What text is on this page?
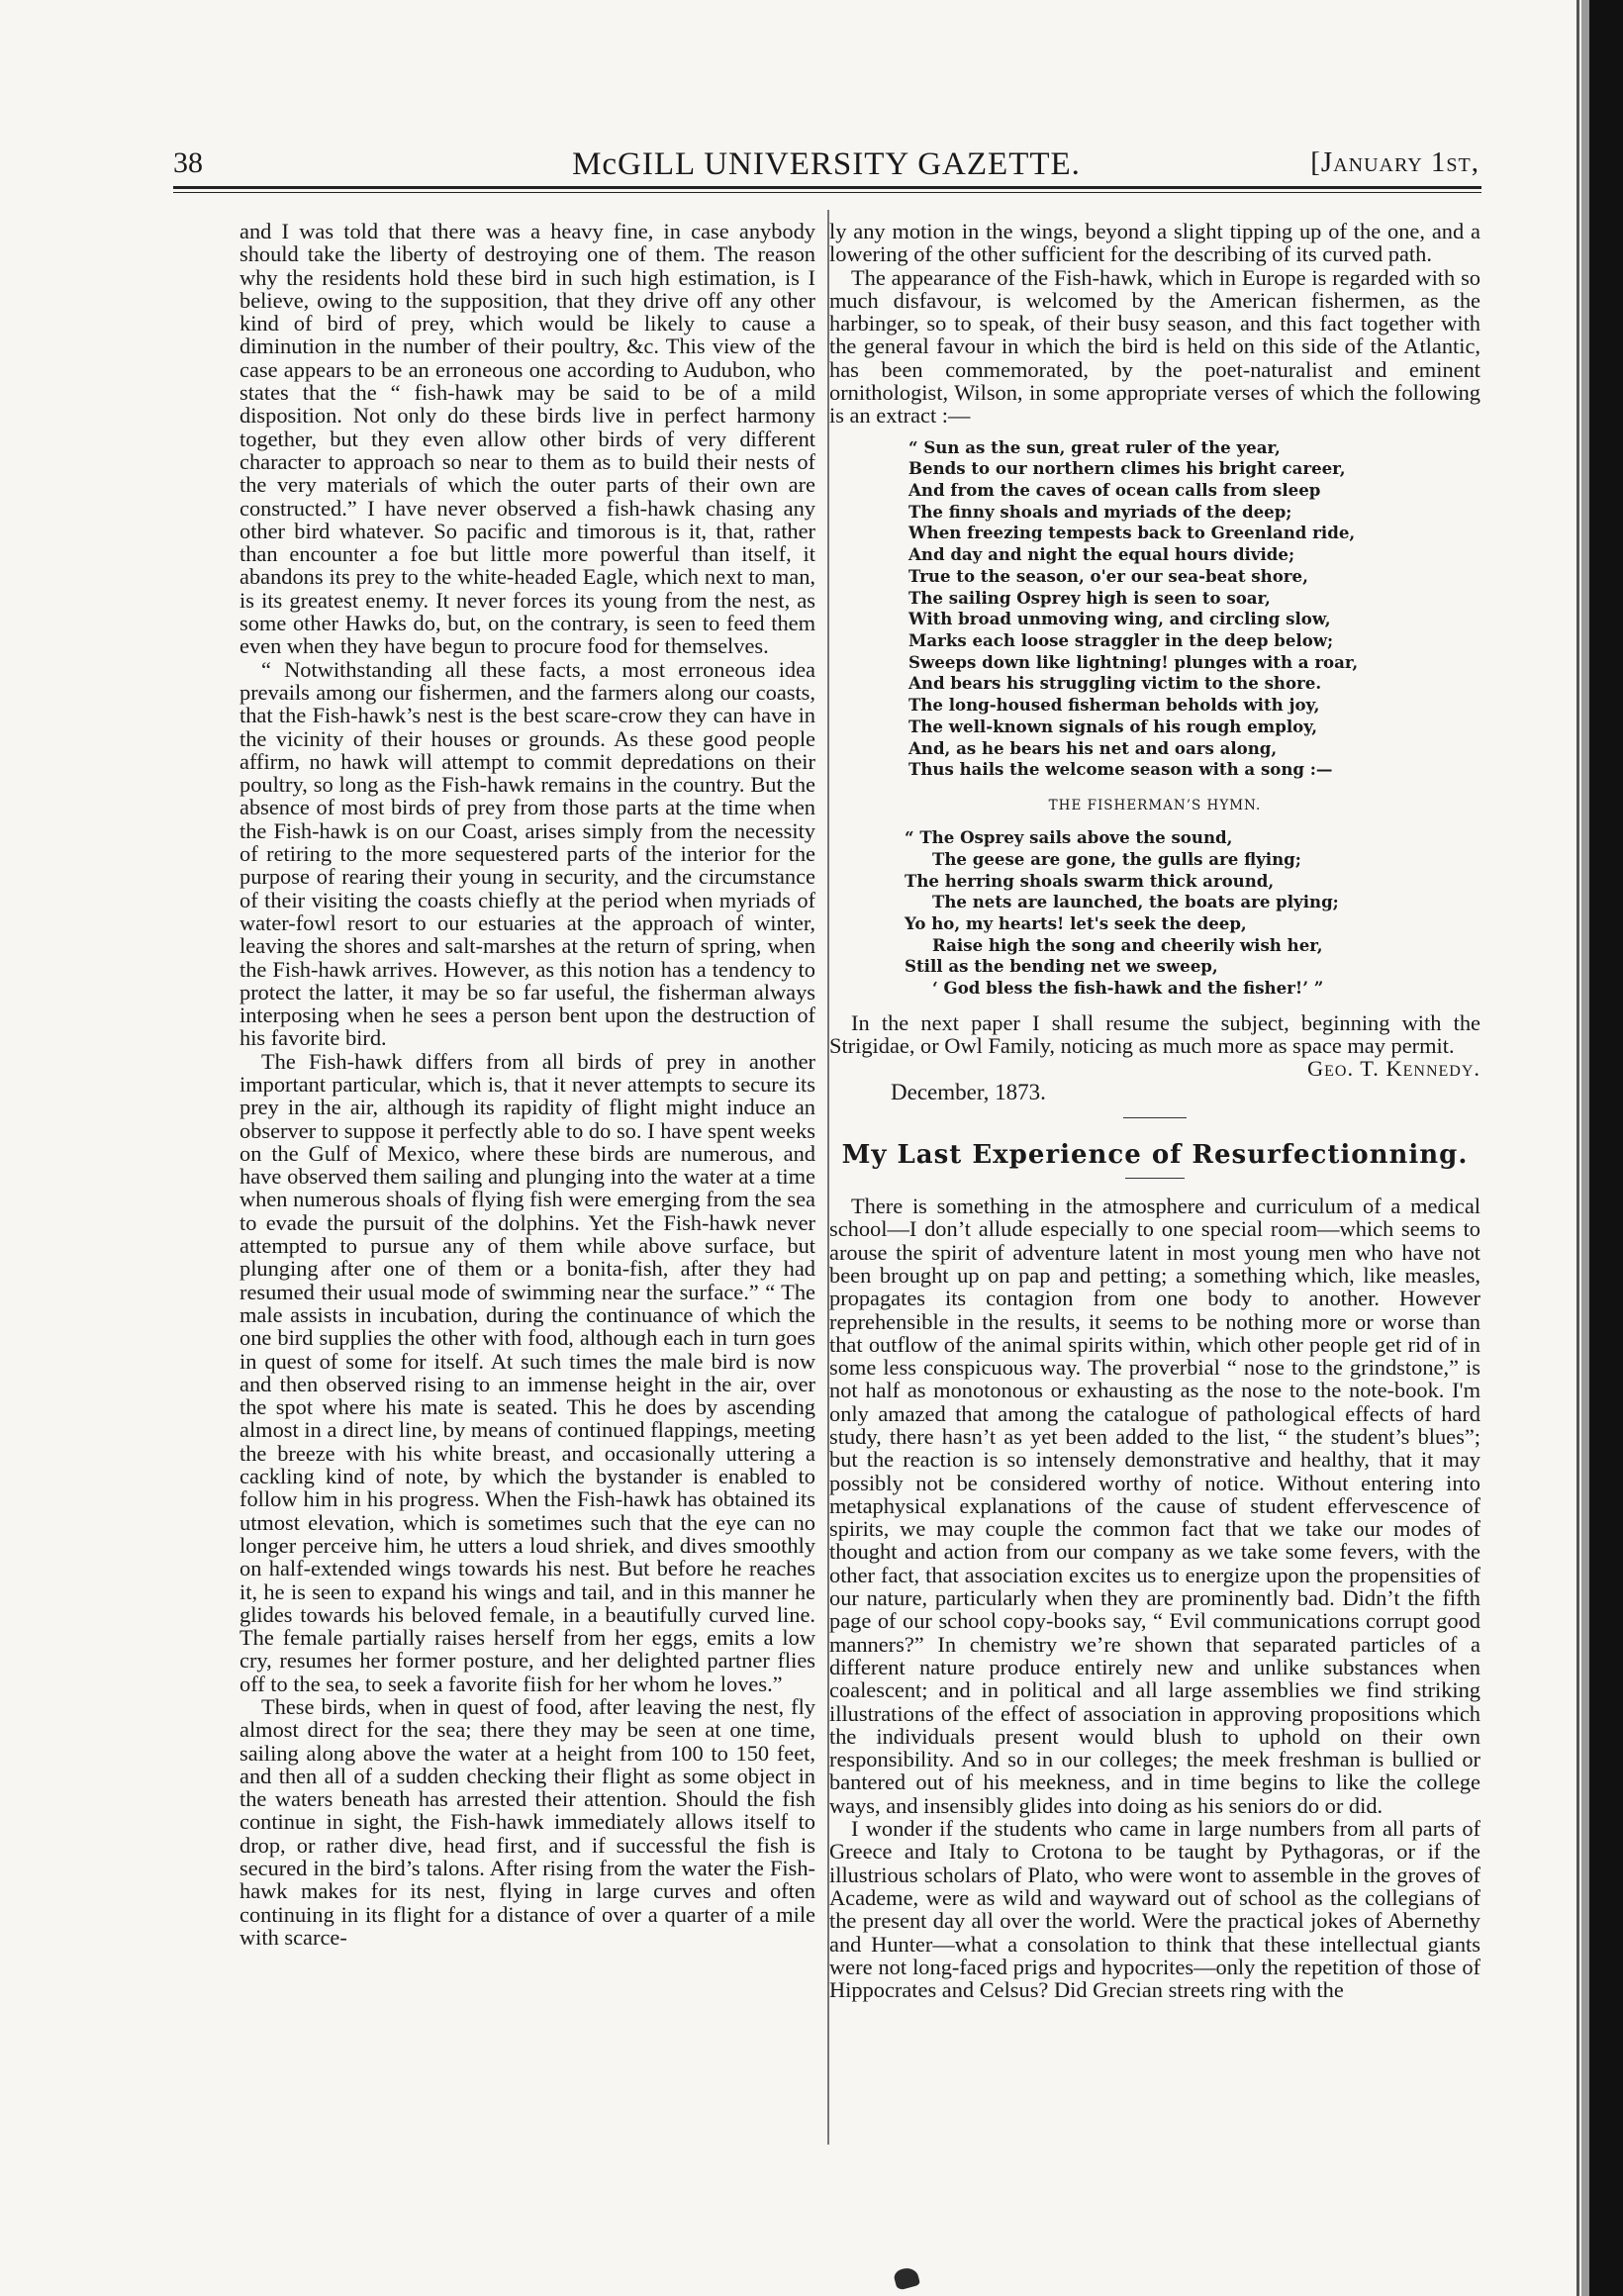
38	McGILL UNIVERSITY GAZETTE.	[January 1st,

and I was told that there was a heavy fine, in case anybody should take the liberty of destroying one of them. The reason why the residents hold these bird in such high estimation, is I believe, owing to the supposition, that they drive off any other kind of bird of prey, which would be likely to cause a diminution in the number of their poultry, &c. This view of the case appears to be an erroneous one according to Audubon, who states that the “ fish-hawk may be said to be of a mild disposition. Not only do these birds live in perfect harmony together, but they even allow other birds of very different character to approach so near to them as to build their nests of the very materials of which the outer parts of their own are constructed.” I have never observed a fish-hawk chasing any other bird whatever. So pacific and timorous is it, that, rather than encounter a foe but little more powerful than itself, it abandons its prey to the white-headed Eagle, which next to man, is its greatest enemy. It never forces its young from the nest, as some other Hawks do, but, on the contrary, is seen to feed them even when they have begun to procure food for themselves.

“ Notwithstanding all these facts, a most erroneous idea prevails among our fishermen, and the farmers along our coasts, that the Fish-hawk’s nest is the best scare-crow they can have in the vicinity of their houses or grounds. As these good people affirm, no hawk will attempt to commit depredations on their poultry, so long as the Fish-hawk remains in the country. But the absence of most birds of prey from those parts at the time when the Fish-hawk is on our Coast, arises simply from the necessity of retiring to the more sequestered parts of the interior for the purpose of rearing their young in security, and the circumstance of their visiting the coasts chiefly at the period when myriads of water-fowl resort to our estuaries at the approach of winter, leaving the shores and salt-marshes at the return of spring, when the Fish-hawk arrives. However, as this notion has a tendency to protect the latter, it may be so far useful, the fisherman always interposing when he sees a person bent upon the destruction of his favorite bird.

The Fish-hawk differs from all birds of prey in another important particular, which is, that it never attempts to secure its prey in the air, although its rapidity of flight might induce an observer to suppose it perfectly able to do so. I have spent weeks on the Gulf of Mexico, where these birds are numerous, and have observed them sailing and plunging into the water at a time when numerous shoals of flying fish were emerging from the sea to evade the pursuit of the dolphins. Yet the Fish-hawk never attempted to pursue any of them while above surface, but plunging after one of them or a bonita-fish, after they had resumed their usual mode of swimming near the surface.” “ The male assists in incubation, during the continuance of which the one bird supplies the other with food, although each in turn goes in quest of some for itself. At such times the male bird is now and then observed rising to an immense height in the air, over the spot where his mate is seated. This he does by ascending almost in a direct line, by means of continued flappings, meeting the breeze with his white breast, and occasionally uttering a cackling kind of note, by which the bystander is enabled to follow him in his progress. When the Fish-hawk has obtained its utmost elevation, which is sometimes such that the eye can no longer perceive him, he utters a loud shriek, and dives smoothly on half-extended wings towards his nest. But before he reaches it, he is seen to expand his wings and tail, and in this manner he glides towards his beloved female, in a beautifully curved line. The female partially raises herself from her eggs, emits a low cry, resumes her former posture, and her delighted partner flies off to the sea, to seek a favorite fiish for her whom he loves.”

These birds, when in quest of food, after leaving the nest, fly almost direct for the sea; there they may be seen at one time, sailing along above the water at a height from 100 to 150 feet, and then all of a sudden checking their flight as some object in the waters beneath has arrested their attention. Should the fish continue in sight, the Fish-hawk immediately allows itself to drop, or rather dive, head first, and if successful the fish is secured in the bird’s talons. After rising from the water the Fish-hawk makes for its nest, flying in large curves and often continuing in its flight for a distance of over a quarter of a mile with scarce-

ly any motion in the wings, beyond a slight tipping up of the one, and a lowering of the other sufficient for the describing of its curved path.

The appearance of the Fish-hawk, which in Europe is regarded with so much disfavour, is welcomed by the American fishermen, as the harbinger, so to speak, of their busy season, and this fact together with the general favour in which the bird is held on this side of the Atlantic, has been commemorated, by the poet-naturalist and eminent ornithologist, Wilson, in some appropriate verses of which the following is an extract :—

“ Sun as the sun, great ruler of the year,
Bends to our northern climes his bright career,
And from the caves of ocean calls from sleep
The finny shoals and myriads of the deep;
When freezing tempests back to Greenland ride,
And day and night the equal hours divide;
True to the season, o'er our sea-beat shore,
The sailing Osprey high is seen to soar,
With broad unmoving wing, and circling slow,
Marks each loose straggler in the deep below;
Sweeps down like lightning! plunges with a roar,
And bears his struggling victim to the shore.
The long-housed fisherman beholds with joy,
The well-known signals of his rough employ,
And, as he bears his net and oars along,
Thus hails the welcome season with a song :—
THE FISHERMAN’S HYMN.
“ The Osprey sails above the sound,
The geese are gone, the gulls are flying;
The herring shoals swarm thick around,
The nets are launched, the boats are plying;
Yo ho, my hearts! let's seek the deep,
Raise high the song and cheerily wish her,
Still as the bending net we sweep,
‘ God bless the fish-hawk and the fisher!’ ”

In the next paper I shall resume the subject, beginning with the Strigidae, or Owl Family, noticing as much more as space may permit.

Geo. T. Kennedy.
December, 1873.
My Last Experience of Resurfectionning.

There is something in the atmosphere and curriculum of a medical school—I don’t allude especially to one special room—which seems to arouse the spirit of adventure latent in most young men who have not been brought up on pap and petting; a something which, like measles, propagates its contagion from one body to another. However reprehensible in the results, it seems to be nothing more or worse than that outflow of the animal spirits within, which other people get rid of in some less conspicuous way. The proverbial “ nose to the grindstone,” is not half as monotonous or exhausting as the nose to the note-book. I'm only amazed that among the catalogue of pathological effects of hard study, there hasn’t as yet been added to the list, “ the student’s blues”; but the reaction is so intensely demonstrative and healthy, that it may possibly not be considered worthy of notice. Without entering into metaphysical explanations of the cause of student effervescence of spirits, we may couple the common fact that we take our modes of thought and action from our company as we take some fevers, with the other fact, that association excites us to energize upon the propensities of our nature, particularly when they are prominently bad. Didn’t the fifth page of our school copy-books say, “ Evil communications corrupt good manners?” In chemistry we’re shown that separated particles of a different nature produce entirely new and unlike substances when coalescent; and in political and all large assemblies we find striking illustrations of the effect of association in approving propositions which the individuals present would blush to uphold on their own responsibility. And so in our colleges; the meek freshman is bullied or bantered out of his meekness, and in time begins to like the college ways, and insensibly glides into doing as his seniors do or did.

I wonder if the students who came in large numbers from all parts of Greece and Italy to Crotona to be taught by Pythagoras, or if the illustrious scholars of Plato, who were wont to assemble in the groves of Academe, were as wild and wayward out of school as the collegians of the present day all over the world. Were the practical jokes of Abernethy and Hunter—what a consolation to think that these intellectual giants were not long-faced prigs and hypocrites—only the repetition of those of Hippocrates and Celsus? Did Grecian streets ring with the
